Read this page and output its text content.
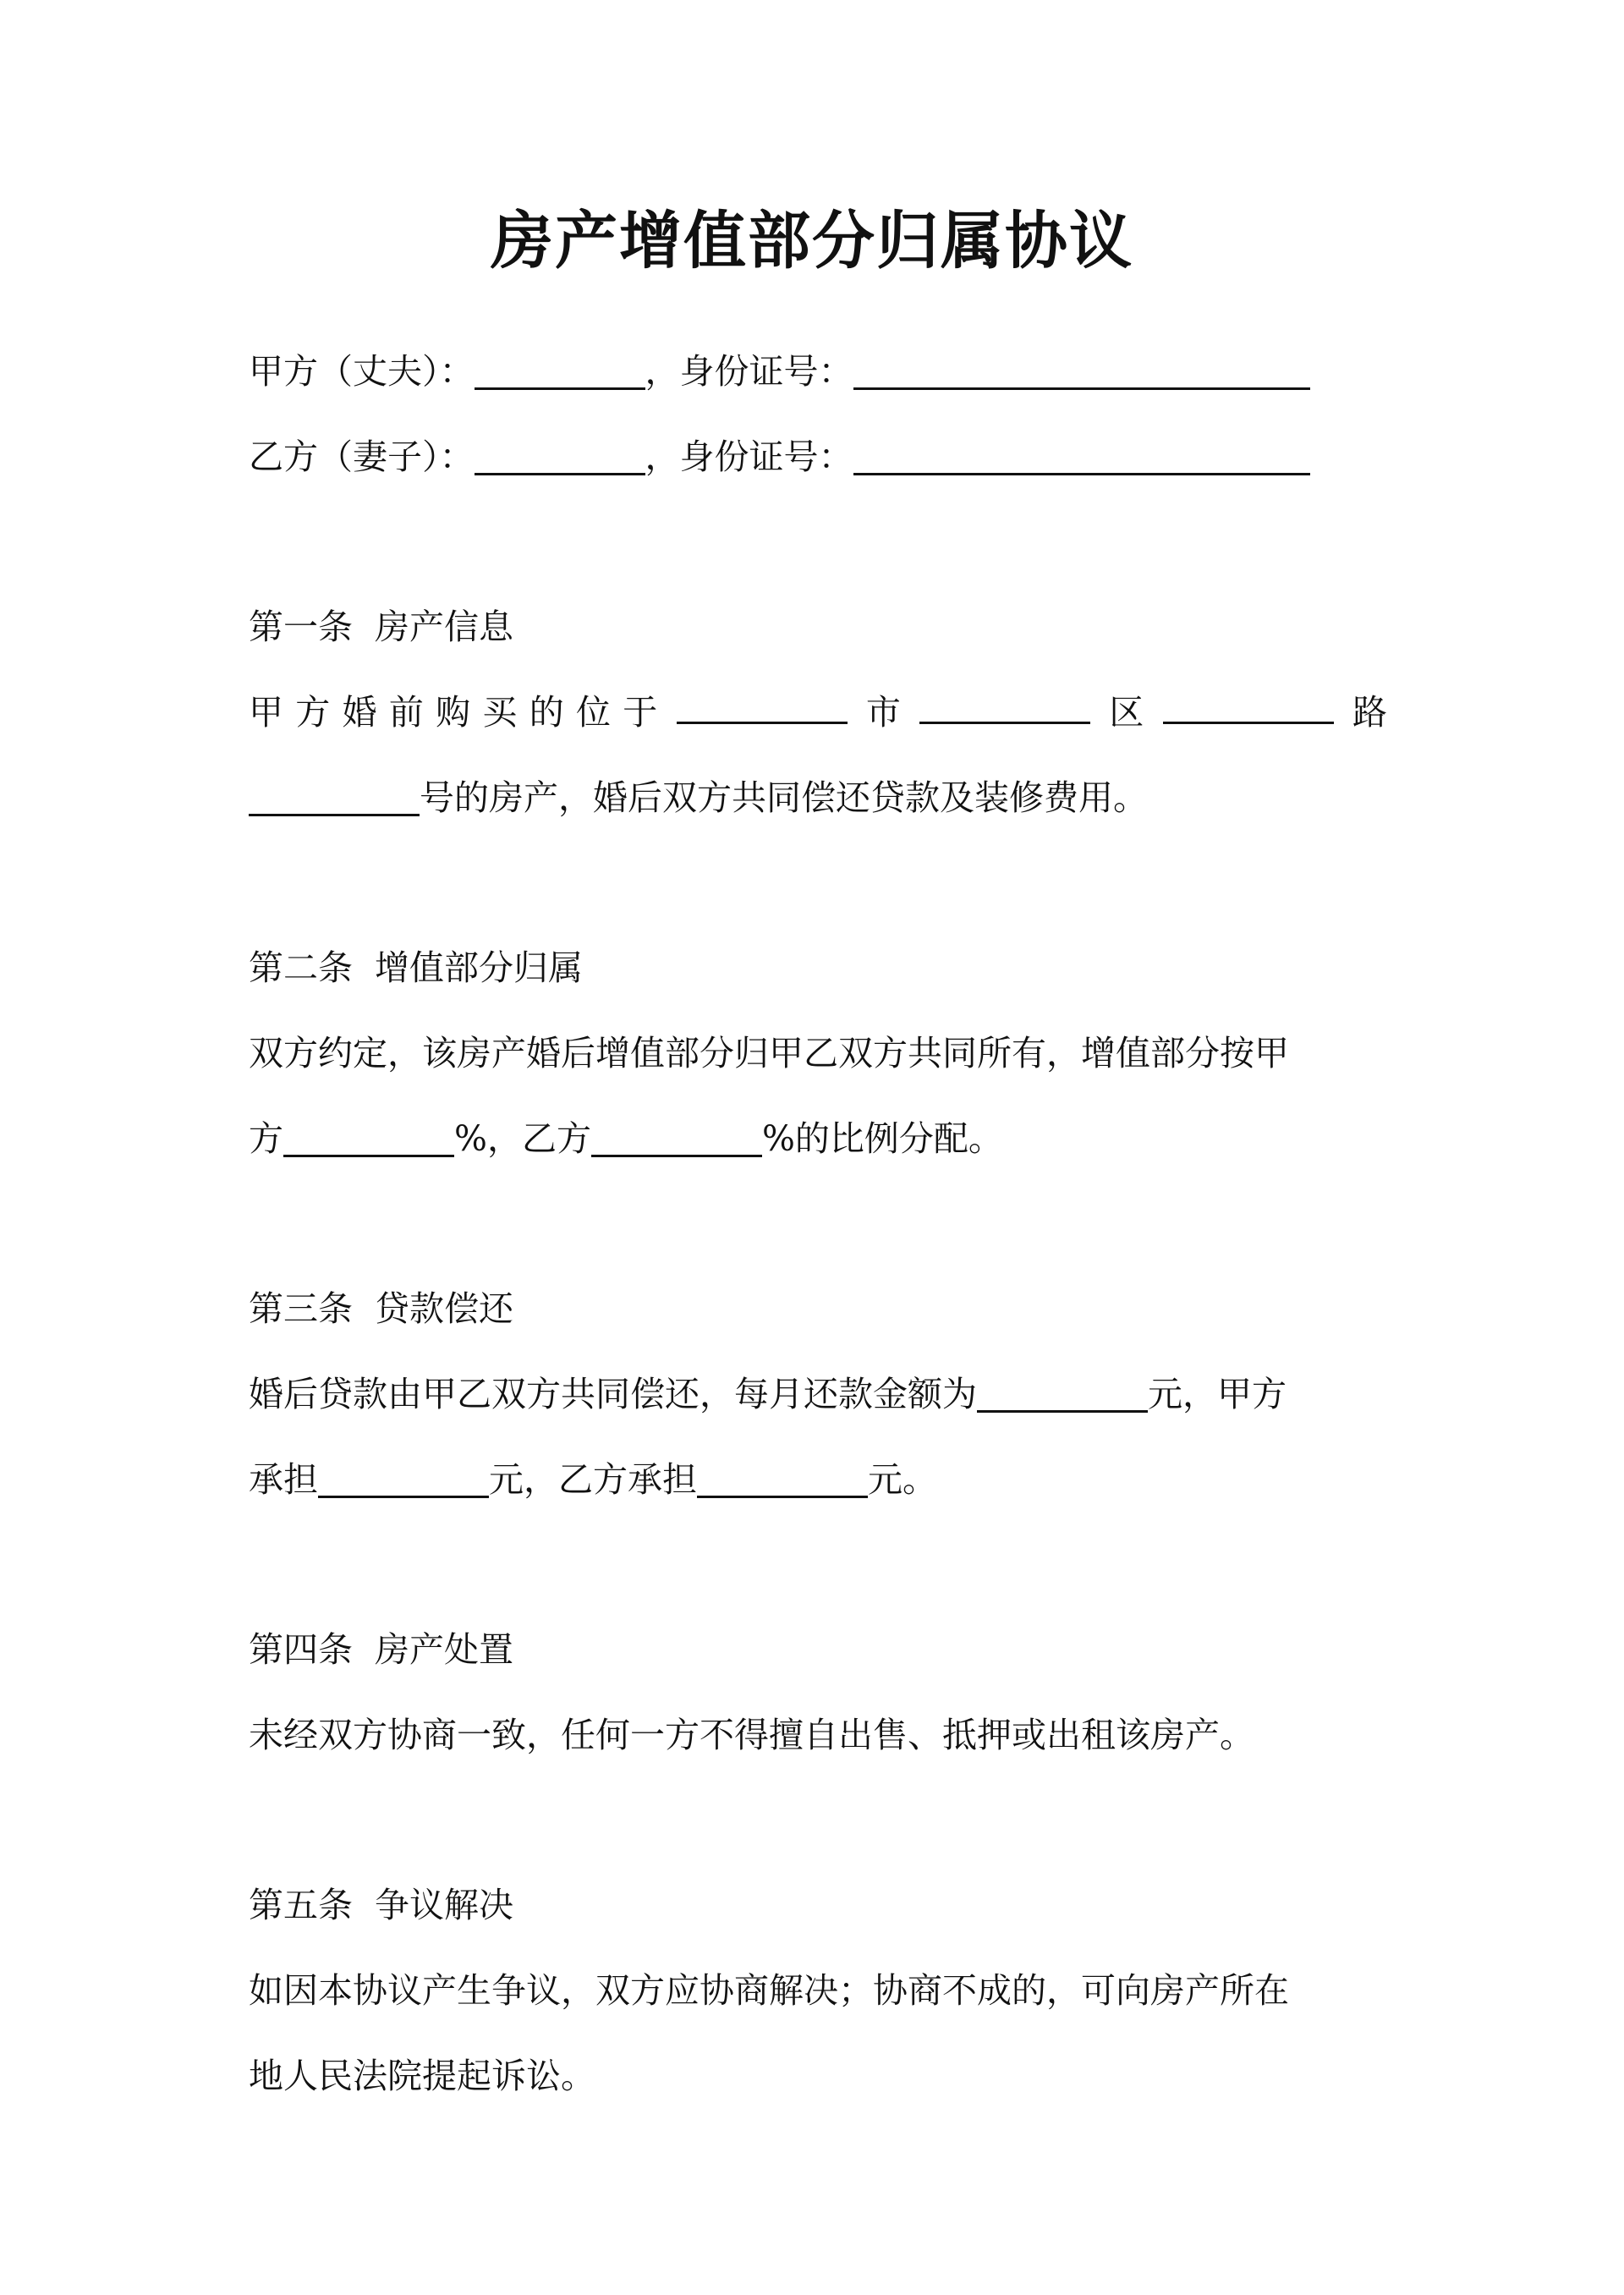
房产增值部分归属协议
甲方（丈夫）：	，身份证号：
乙方（妻子）：	，身份证号：
第一条 房产信息
甲 方 婚 前 购 买 的 位 于	市	区	路
号的房产，婚后双方共同偿还贷款及装修费用。
第二条 增值部分归属
双方约定，该房产婚后增值部分归甲乙双方共同所有，增值部分按甲
方	%，乙方	%的比例分配。
第三条 贷款偿还
婚后贷款由甲乙双方共同偿还，每月还款金额为	元，甲方
承担	元，乙方承担	元。
第四条 房产处置
未经双方协商一致，任何一方不得擅自出售、抵押或出租该房产。
第五条 争议解决
如因本协议产生争议，双方应协商解决；协商不成的，可向房产所在
地人民法院提起诉讼。
